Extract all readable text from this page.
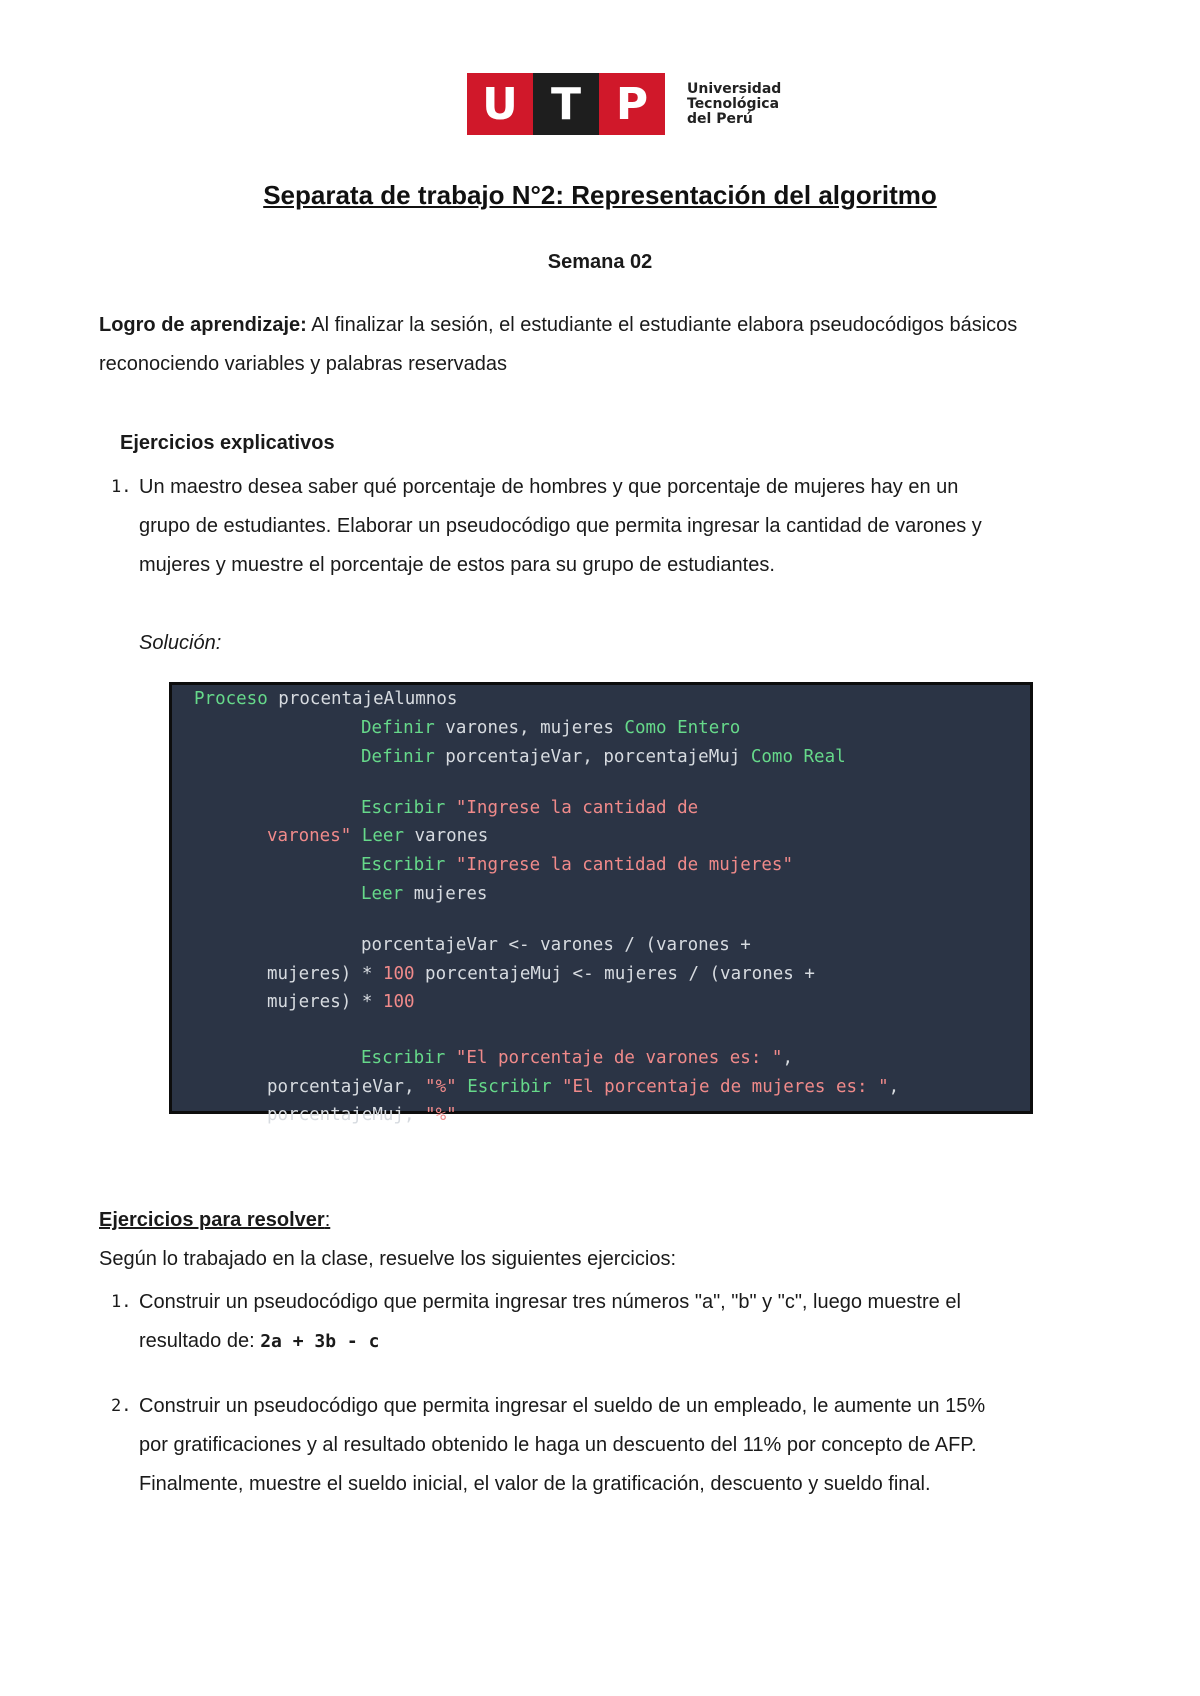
U T P	Universidad
Tecnológica
del Perú
Separata de trabajo N°2: Representación del algoritmo
Semana 02
Logro de aprendizaje: Al finalizar la sesión, el estudiante el estudiante elabora pseudocódigos básicos
reconociendo variables y palabras reservadas
Ejercicios explicativos
1. Un maestro desea saber qué porcentaje de hombres y que porcentaje de mujeres hay en un
grupo de estudiantes. Elaborar un pseudocódigo que permita ingresar la cantidad de varones y
mujeres y muestre el porcentaje de estos para su grupo de estudiantes.
Solución:
Proceso procentajeAlumnos
Definir varones, mujeres Como Entero
Definir porcentajeVar, porcentajeMuj Como Real
Escribir "Ingrese la cantidad de
varones" Leer varones
Escribir "Ingrese la cantidad de mujeres"
Leer mujeres
porcentajeVar <- varones / (varones +
mujeres) * 100 porcentajeMuj <- mujeres / (varones +
mujeres) * 100
Escribir "El porcentaje de varones es: ",
porcentajeVar, "%" Escribir "El porcentaje de mujeres es: ",
porcentajeMuj, "%"
Ejercicios para resolver:
Según lo trabajado en la clase, resuelve los siguientes ejercicios:
1. Construir un pseudocódigo que permita ingresar tres números "a", "b" y "c", luego muestre el
resultado de: 2a + 3b - c
2. Construir un pseudocódigo que permita ingresar el sueldo de un empleado, le aumente un 15%
por gratificaciones y al resultado obtenido le haga un descuento del 11% por concepto de AFP.
Finalmente, muestre el sueldo inicial, el valor de la gratificación, descuento y sueldo final.
